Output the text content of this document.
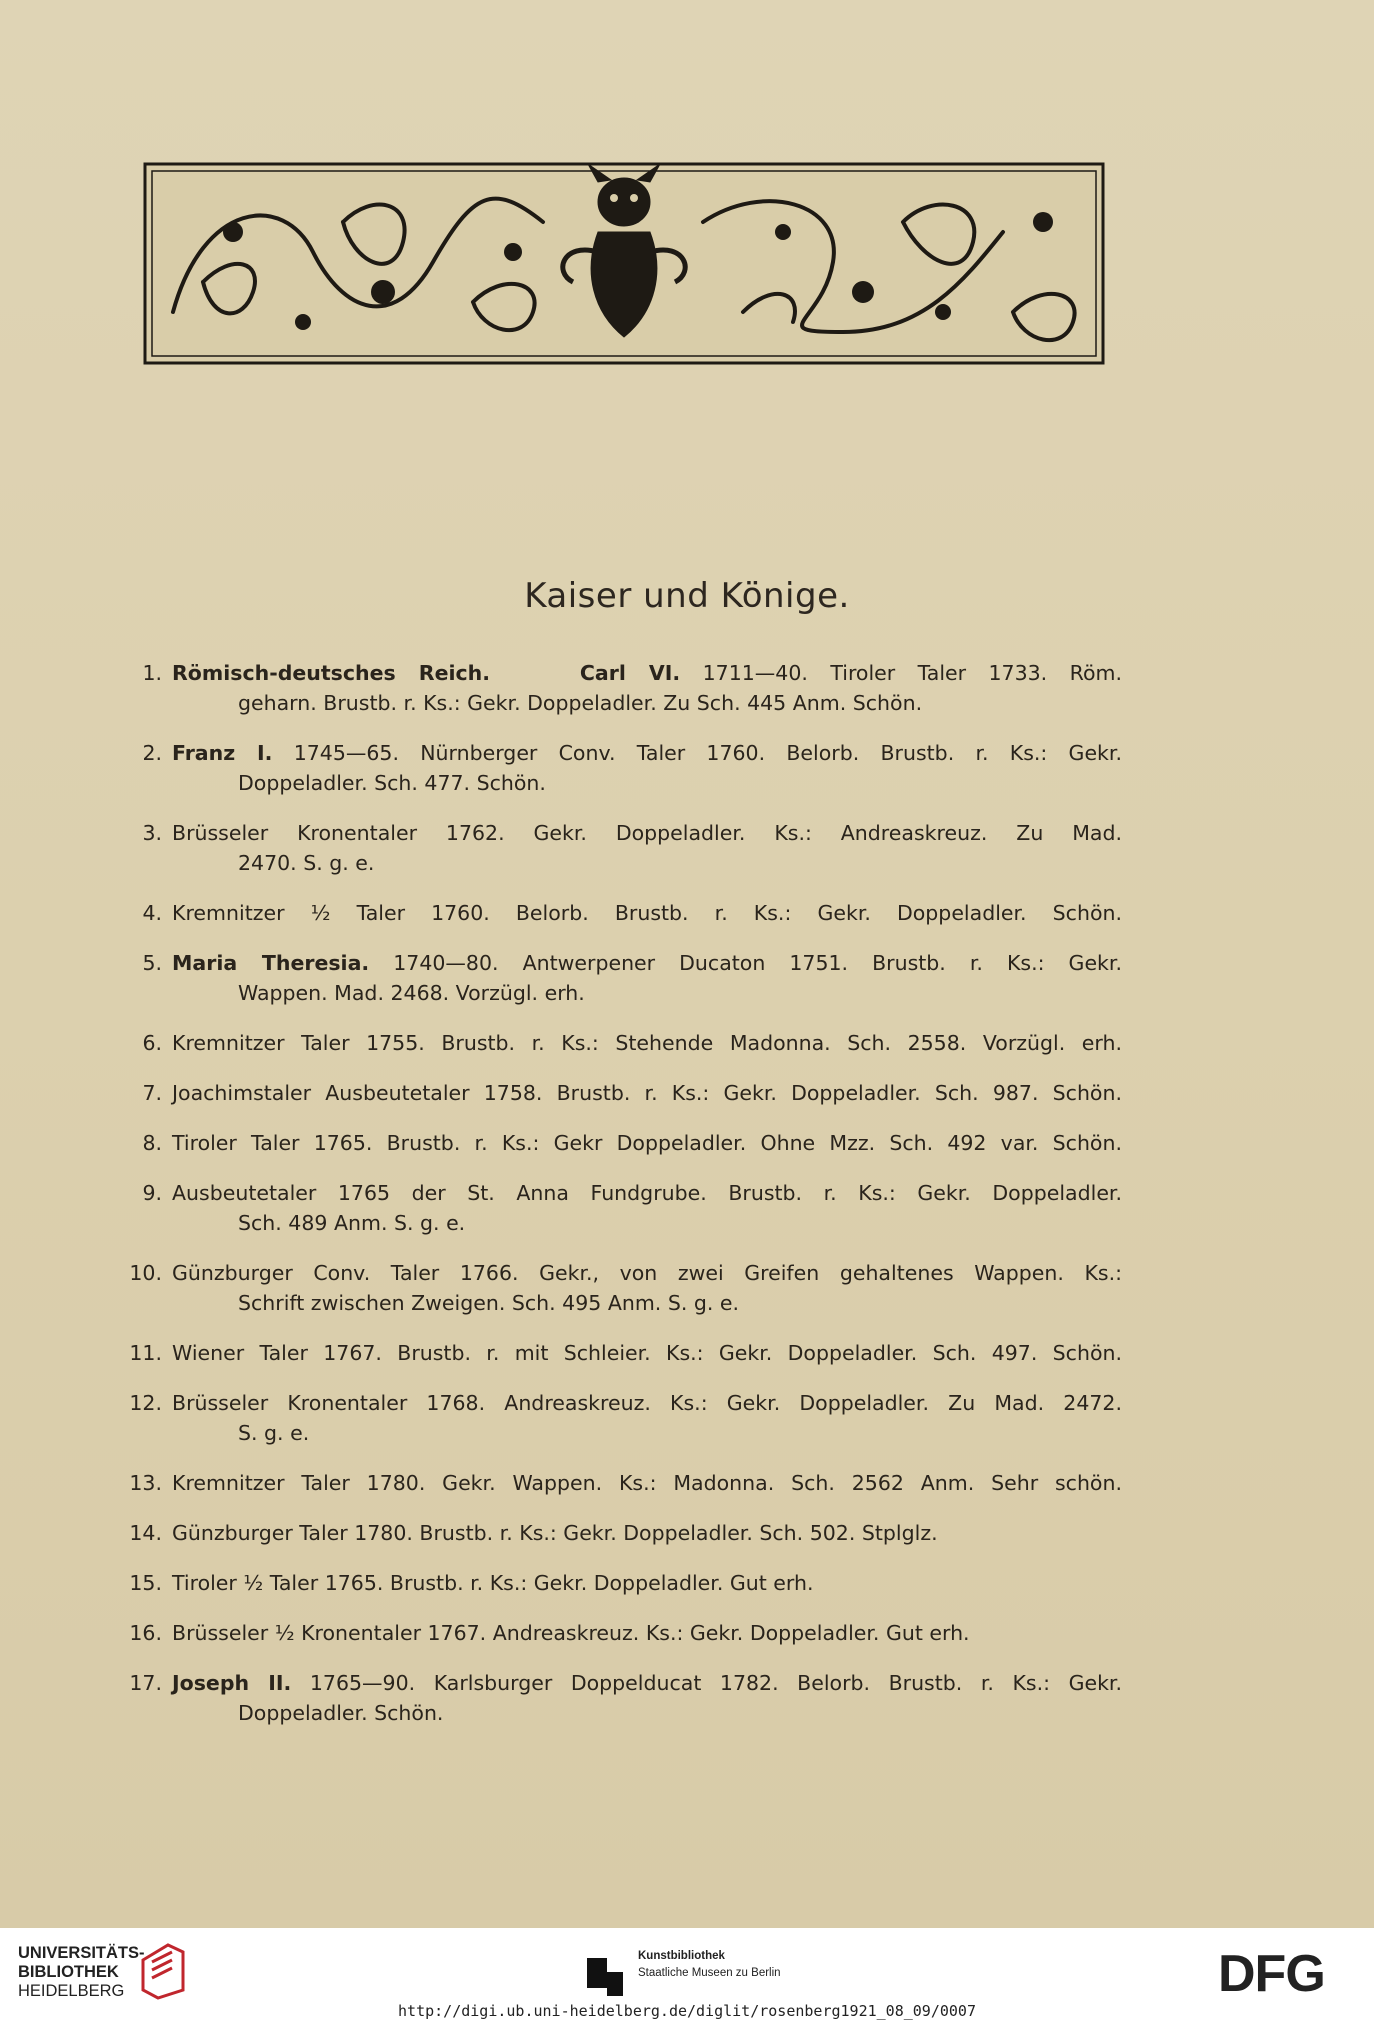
Kaiser und Könige.
1. Römisch-deutsches Reich.	Carl VI. 1711—40. Tiroler Taler 1733. Röm.
geharn. Brustb. r. Ks.: Gekr. Doppeladler. Zu Sch. 445 Anm. Schön.
2. Franz I. 1745—65. Nürnberger Conv. Taler 1760. Belorb. Brustb. r. Ks.: Gekr.
Doppeladler. Sch. 477. Schön.
3. Brüsseler Kronentaler 1762. Gekr. Doppeladler. Ks.: Andreaskreuz. Zu Mad.
2470. S. g. e.
4. Kremnitzer ½ Taler 1760. Belorb. Brustb. r. Ks.: Gekr. Doppeladler. Schön.
5. Maria Theresia. 1740—80. Antwerpener Ducaton 1751. Brustb. r. Ks.: Gekr.
Wappen. Mad. 2468. Vorzügl. erh.
6. Kremnitzer Taler 1755. Brustb. r. Ks.: Stehende Madonna. Sch. 2558. Vorzügl. erh.
7. Joachimstaler Ausbeutetaler 1758. Brustb. r. Ks.: Gekr. Doppeladler. Sch. 987. Schön.
8. Tiroler Taler 1765. Brustb. r. Ks.: Gekr Doppeladler. Ohne Mzz. Sch. 492 var. Schön.
9. Ausbeutetaler 1765 der St. Anna Fundgrube. Brustb. r. Ks.: Gekr. Doppeladler.
Sch. 489 Anm. S. g. e.
10. Günzburger Conv. Taler 1766. Gekr., von zwei Greifen gehaltenes Wappen. Ks.:
Schrift zwischen Zweigen. Sch. 495 Anm. S. g. e.
11. Wiener Taler 1767. Brustb. r. mit Schleier. Ks.: Gekr. Doppeladler. Sch. 497. Schön.
12. Brüsseler Kronentaler 1768. Andreaskreuz. Ks.: Gekr. Doppeladler. Zu Mad. 2472.
S. g. e.
13. Kremnitzer Taler 1780. Gekr. Wappen. Ks.: Madonna. Sch. 2562 Anm. Sehr schön.
14. Günzburger Taler 1780. Brustb. r. Ks.: Gekr. Doppeladler. Sch. 502. Stplglz.
15. Tiroler ½ Taler 1765. Brustb. r. Ks.: Gekr. Doppeladler. Gut erh.
16. Brüsseler ½ Kronentaler 1767. Andreaskreuz. Ks.: Gekr. Doppeladler. Gut erh.
17. Joseph II. 1765—90. Karlsburger Doppelducat 1782. Belorb. Brustb. r. Ks.: Gekr.
Doppeladler. Schön.
UNIVERSITÄTS-
BIBLIOTHEK
HEIDELBERG
Kunstbibliothek
Staatliche Museen zu Berlin	DFG
http://digi.ub.uni-heidelberg.de/diglit/rosenberg1921_08_09/0007
